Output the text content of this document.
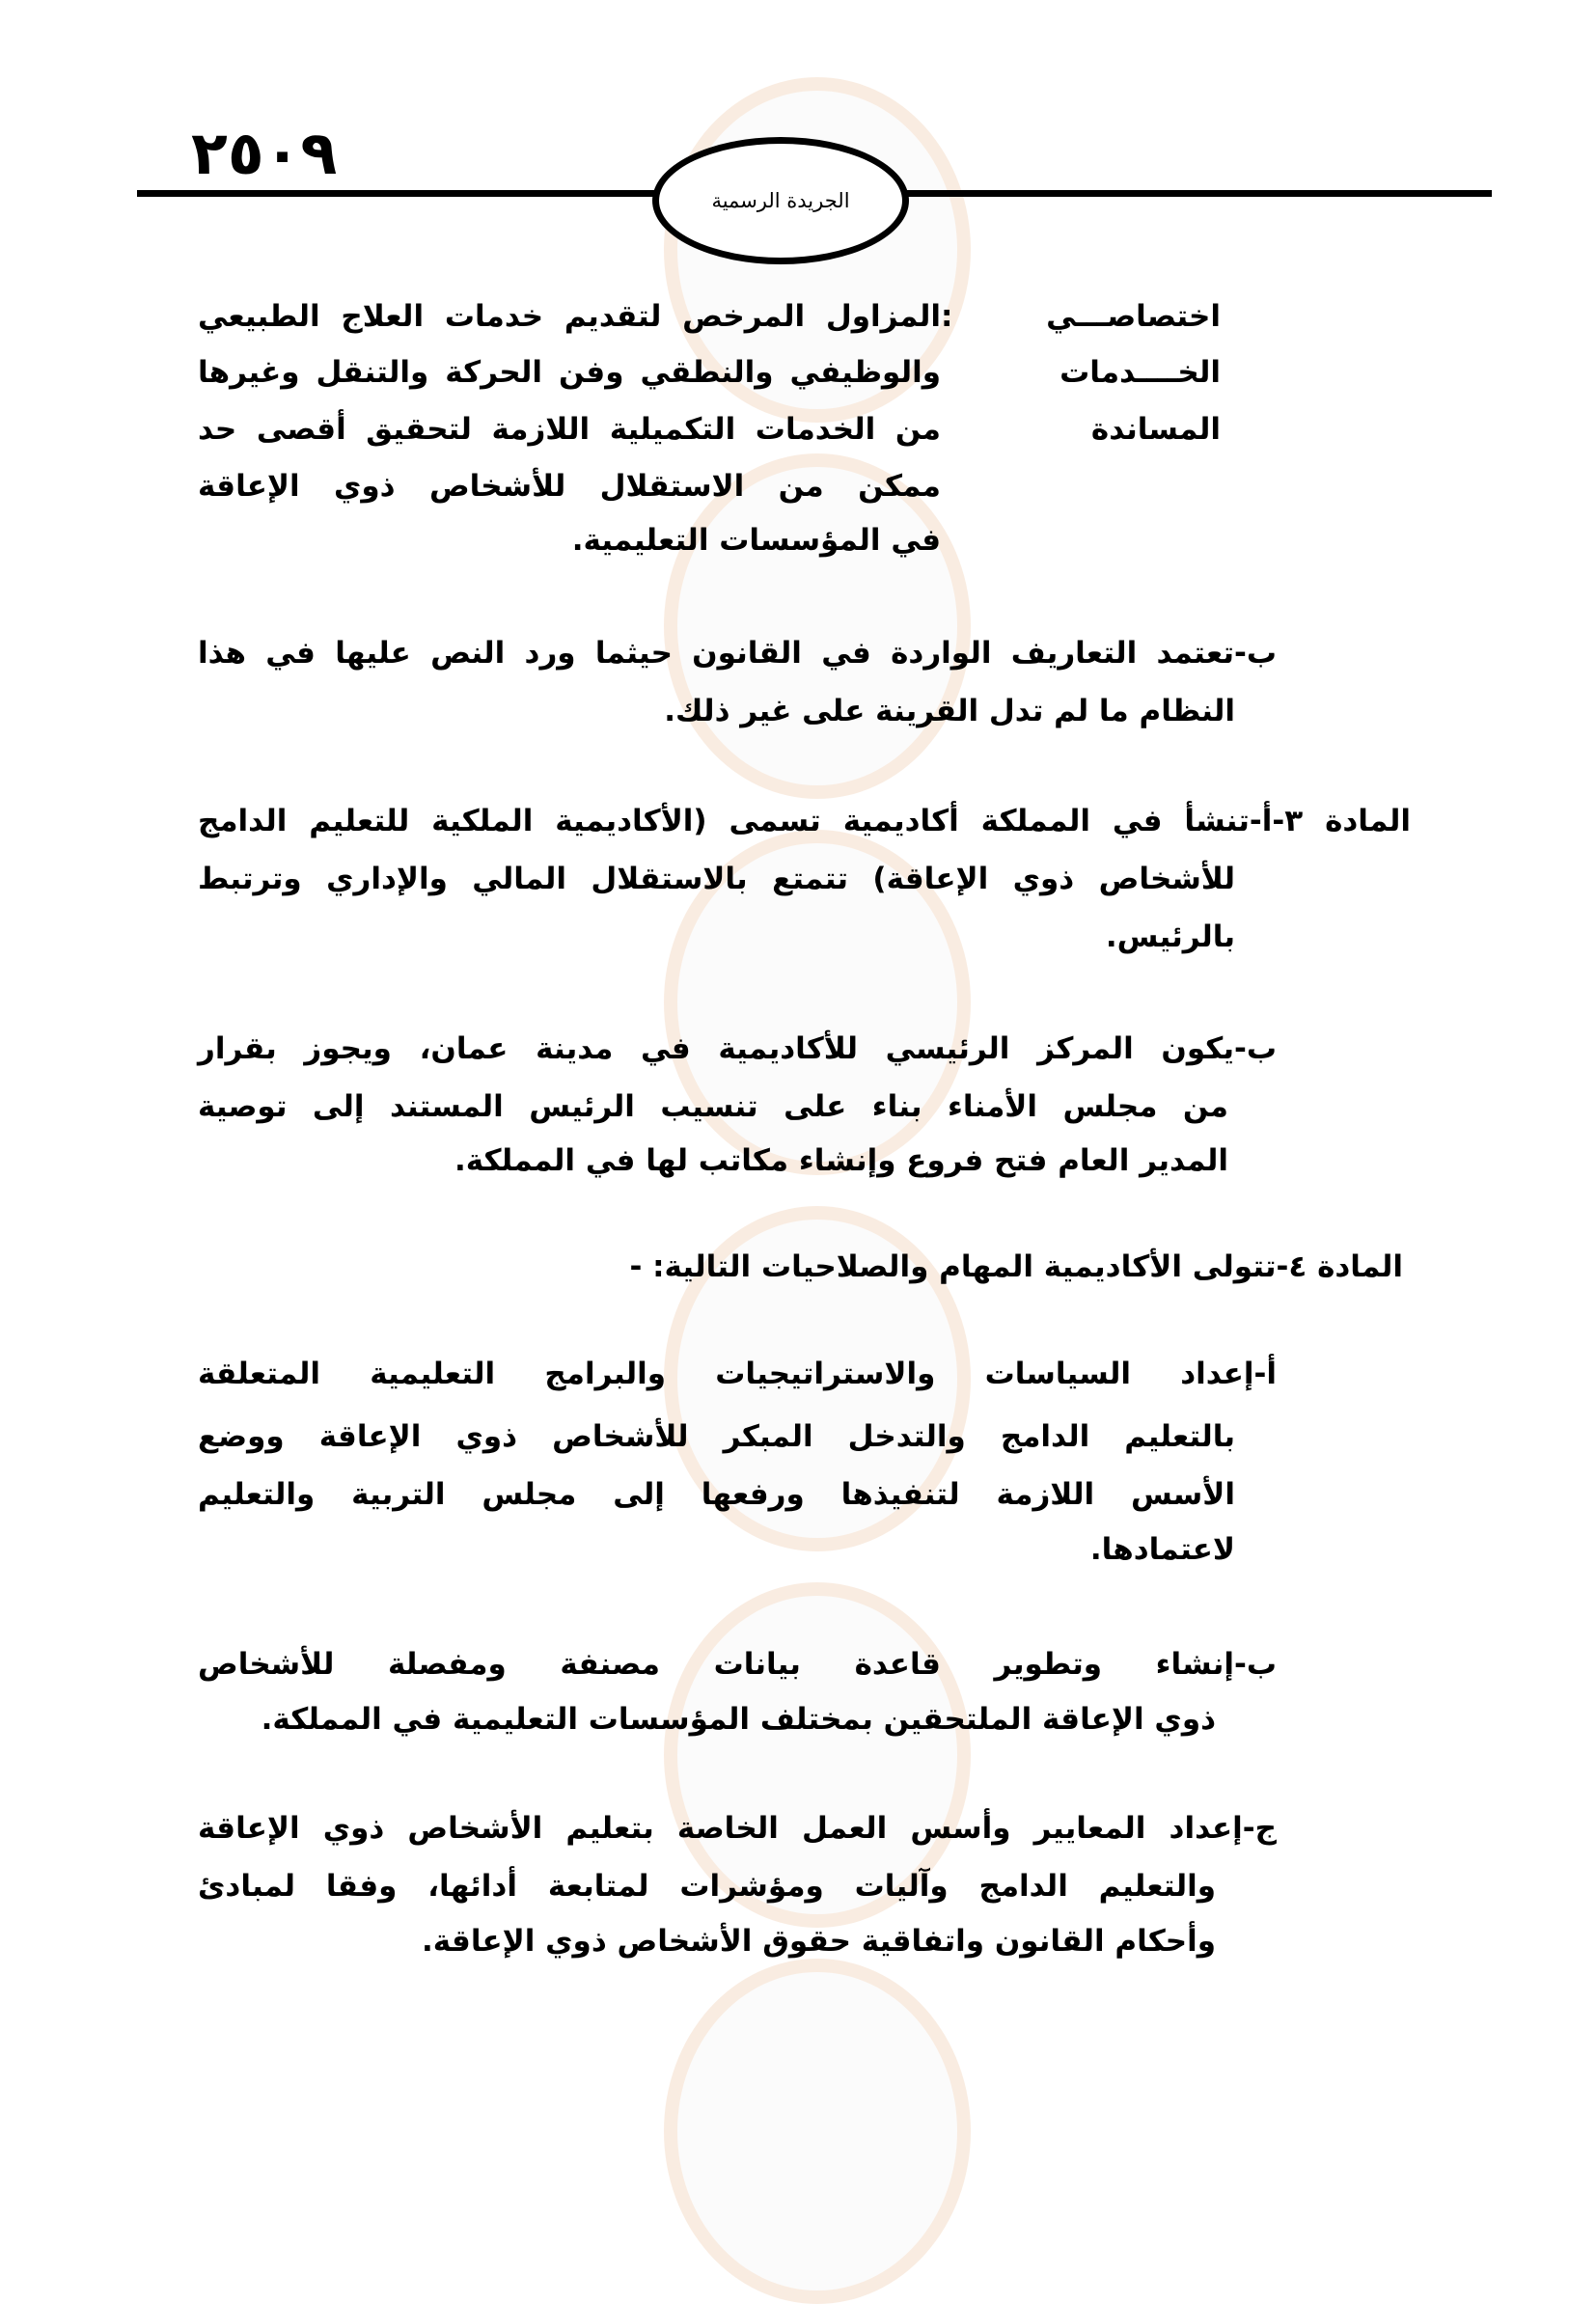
٢٥٠٩
الجريدة الرسمية
اختصاصـــي :
الخــــدمات
المساندة
المزاول المرخص لتقديم خدمات العلاج الطبيعي
والوظيفي والنطقي وفن الحركة والتنقل وغيرها
من الخدمات التكميلية اللازمة لتحقيق أقصى حد
ممكن من الاستقلال للأشخاص ذوي الإعاقة
في المؤسسات التعليمية.
ب-تعتمد التعاريف الواردة في القانون حيثما ورد النص عليها في هذا
النظام ما لم تدل القرينة على غير ذلك.
المادة ٣-أ-تنشأ في المملكة أكاديمية تسمى (الأكاديمية الملكية للتعليم الدامج
للأشخاص ذوي الإعاقة) تتمتع بالاستقلال المالي والإداري وترتبط
بالرئيس.
ب-يكون المركز الرئيسي للأكاديمية في مدينة عمان، ويجوز بقرار
من مجلس الأمناء بناء على تنسيب الرئيس المستند إلى توصية
المدير العام فتح فروع وإنشاء مكاتب لها في المملكة.
المادة ٤-تتولى الأكاديمية المهام والصلاحيات التالية: -
أ-إعداد السياسات والاستراتيجيات والبرامج التعليمية المتعلقة
بالتعليم الدامج والتدخل المبكر للأشخاص ذوي الإعاقة ووضع
الأسس اللازمة لتنفيذها ورفعها إلى مجلس التربية والتعليم
لاعتمادها.
ب-إنشاء وتطوير قاعدة بيانات مصنفة ومفصلة للأشخاص
ذوي الإعاقة الملتحقين بمختلف المؤسسات التعليمية في المملكة.
ج-إعداد المعايير وأسس العمل الخاصة بتعليم الأشخاص ذوي الإعاقة
والتعليم الدامج وآليات ومؤشرات لمتابعة أدائها، وفقا لمبادئ
وأحكام القانون واتفاقية حقوق الأشخاص ذوي الإعاقة.
